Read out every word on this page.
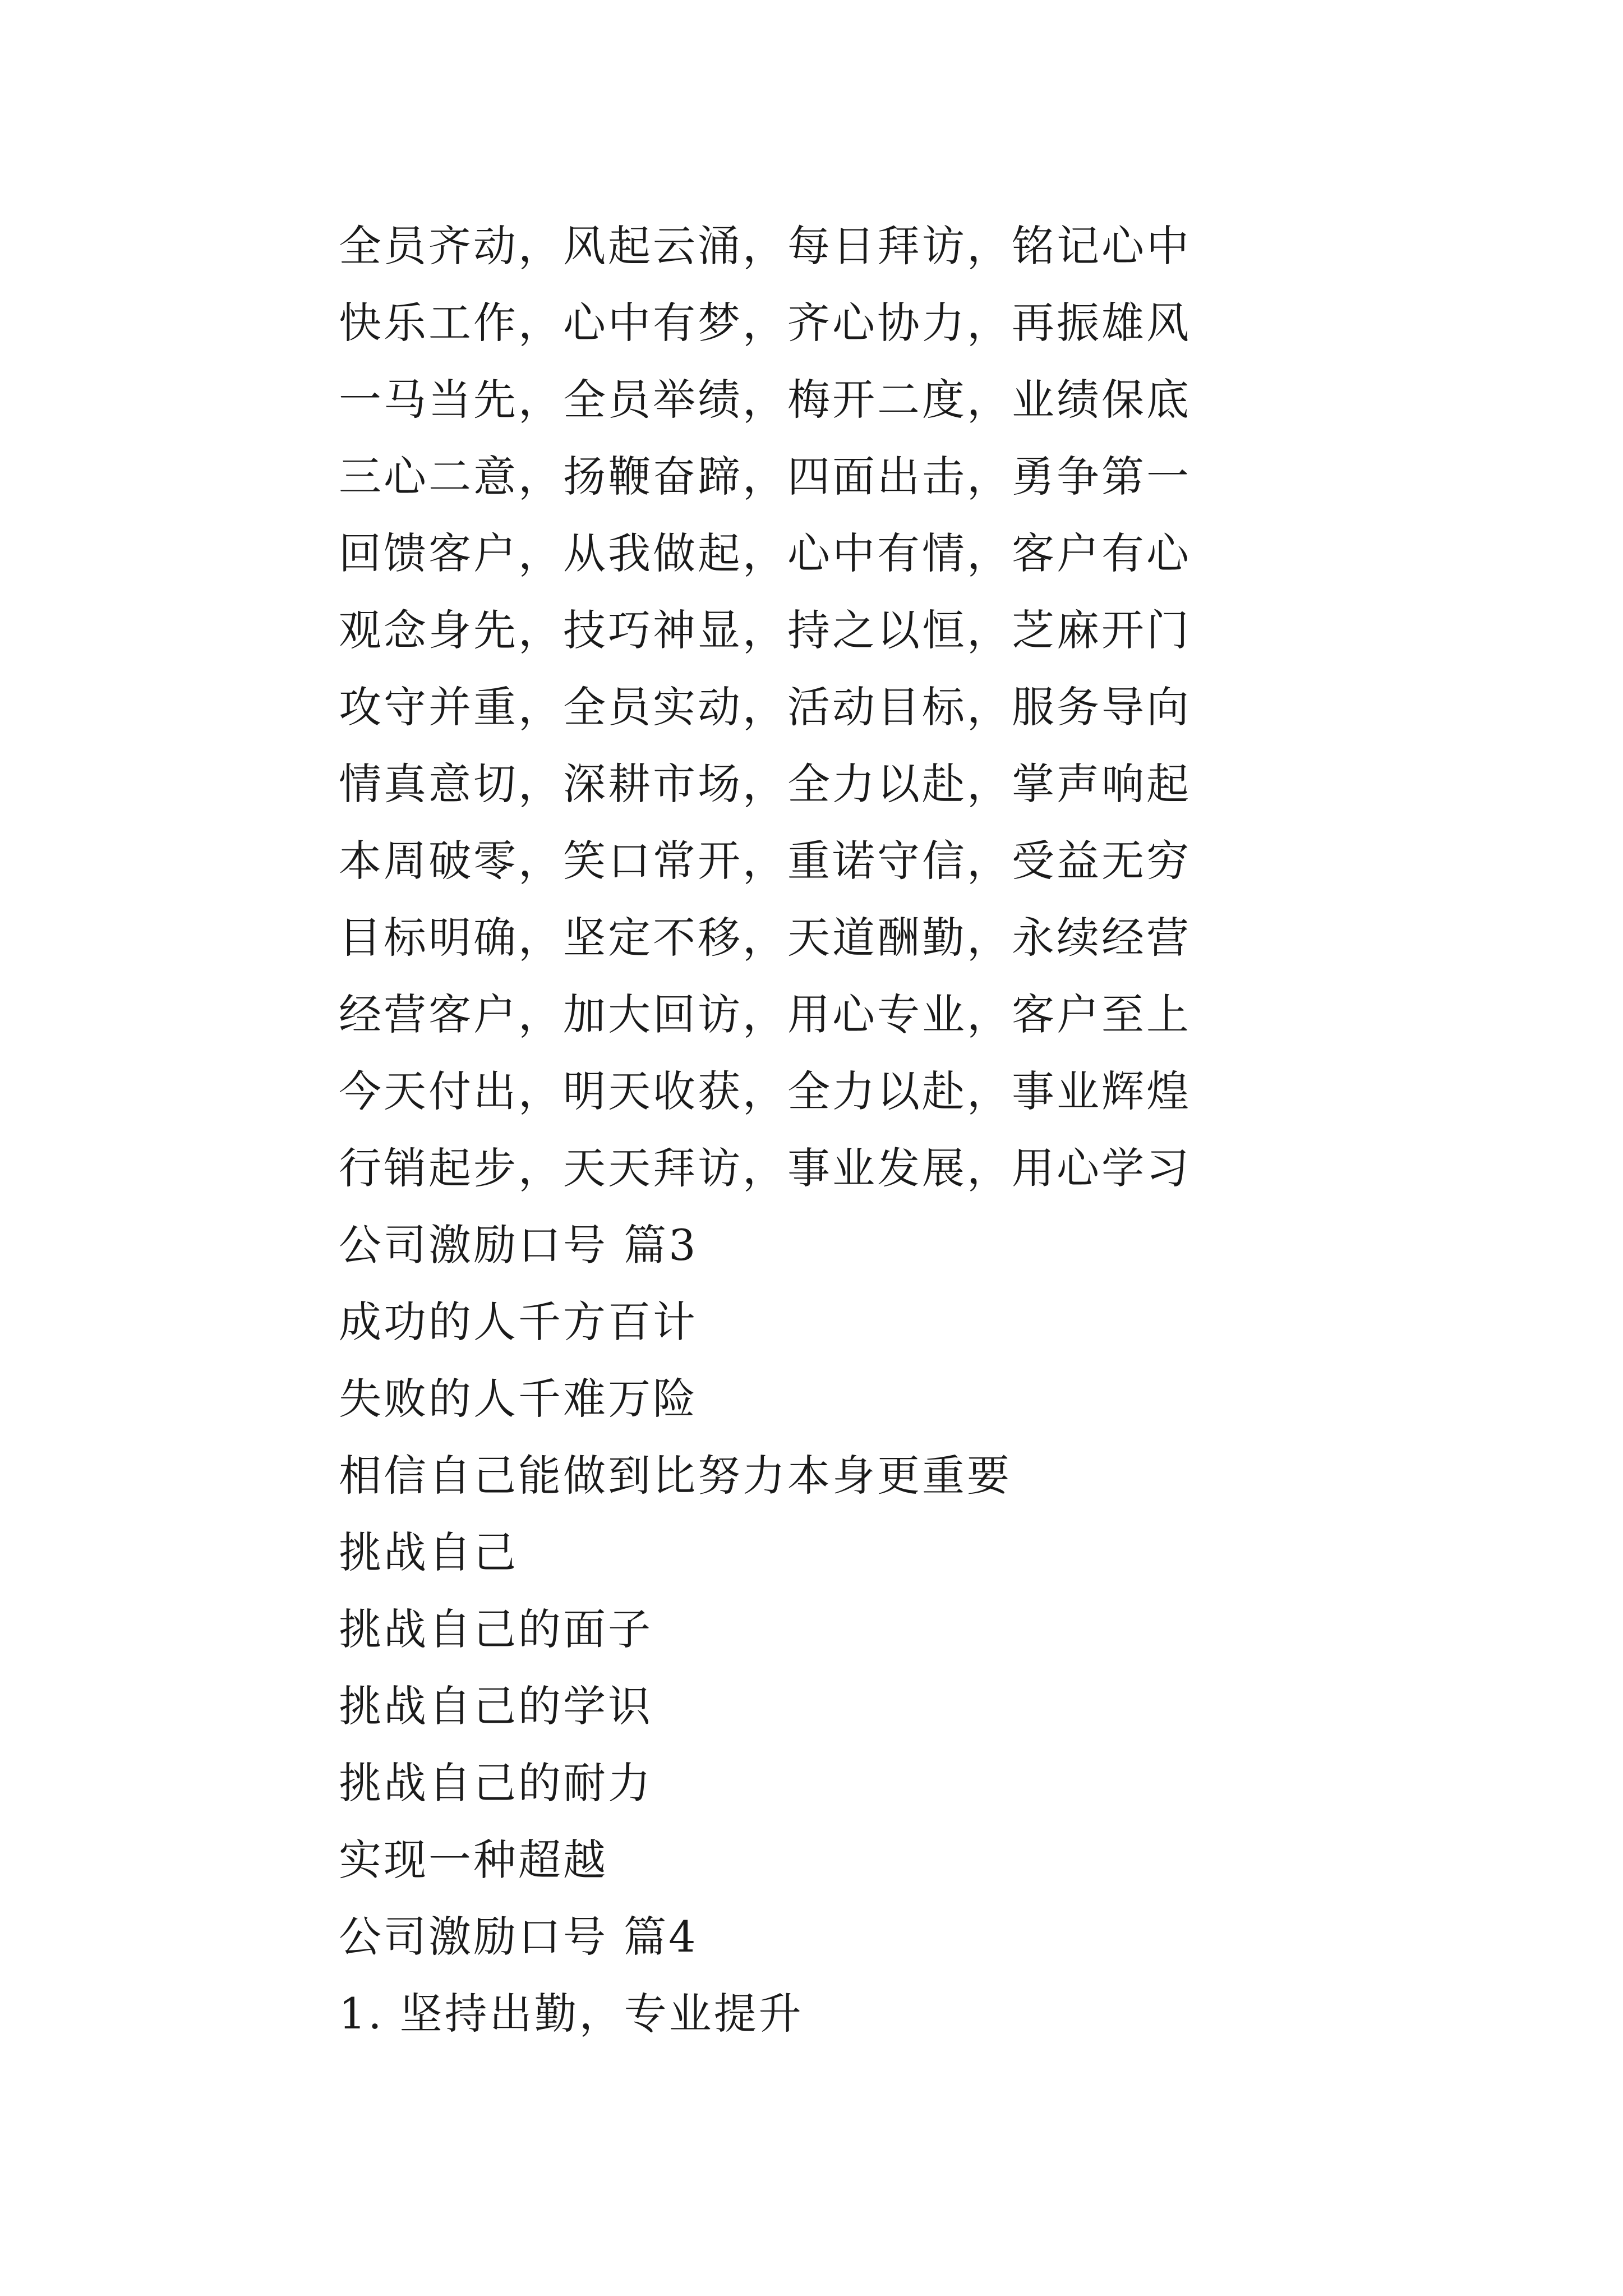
全员齐动，风起云涌，每日拜访，铭记心中
快乐工作，心中有梦，齐心协力，再振雄风
一马当先，全员举绩，梅开二度，业绩保底
三心二意，扬鞭奋蹄，四面出击，勇争第一
回馈客户，从我做起，心中有情，客户有心
观念身先，技巧神显，持之以恒，芝麻开门
攻守并重，全员实动，活动目标，服务导向
情真意切，深耕市场，全力以赴，掌声响起
本周破零，笑口常开，重诺守信，受益无穷
目标明确，坚定不移，天道酬勤，永续经营
经营客户，加大回访，用心专业，客户至上
今天付出，明天收获，全力以赴，事业辉煌
行销起步，天天拜访，事业发展，用心学习
公司激励口号 篇3
成功的人千方百计
失败的人千难万险
相信自己能做到比努力本身更重要
挑战自己
挑战自己的面子
挑战自己的学识
挑战自己的耐力
实现一种超越
公司激励口号 篇4
1. 坚持出勤，专业提升
